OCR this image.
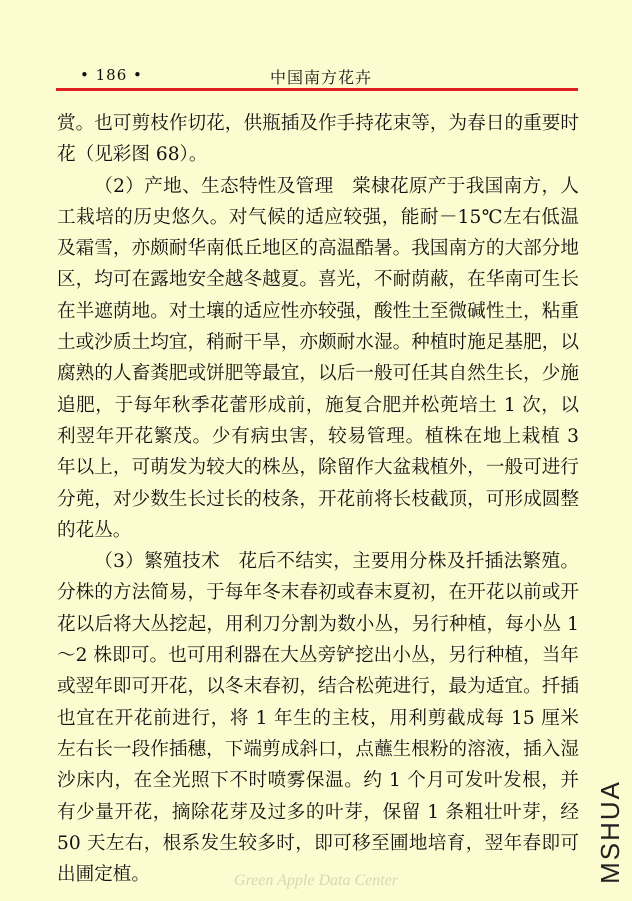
• 186 •	中国南方花卉

赏。也可剪枝作切花，供瓶插及作手持花束等，为春日的重要时花（见彩图 68）。

（2）产地、生态特性及管理 棠棣花原产于我国南方，人工栽培的历史悠久。对气候的适应较强，能耐－15℃左右低温及霜雪，亦颇耐华南低丘地区的高温酷暑。我国南方的大部分地区，均可在露地安全越冬越夏。喜光，不耐荫蔽，在华南可生长在半遮荫地。对土壤的适应性亦较强，酸性土至微碱性土，粘重土或沙质土均宜，稍耐干旱，亦颇耐水湿。种植时施足基肥，以腐熟的人畜粪肥或饼肥等最宜，以后一般可任其自然生长，少施追肥，于每年秋季花蕾形成前，施复合肥并松蔸培土 1 次，以利翌年开花繁茂。少有病虫害，较易管理。植株在地上栽植 3 年以上，可萌发为较大的株丛，除留作大盆栽植外，一般可进行分蔸，对少数生长过长的枝条，开花前将长枝截顶，可形成圆整的花丛。

（3）繁殖技术 花后不结实，主要用分株及扦插法繁殖。分株的方法简易，于每年冬末春初或春末夏初，在开花以前或开花以后将大丛挖起，用利刀分割为数小丛，另行种植，每小丛 1～2 株即可。也可用利器在大丛旁铲挖出小丛，另行种植，当年或翌年即可开花，以冬末春初，结合松蔸进行，最为适宜。扦插也宜在开花前进行，将 1 年生的主枝，用利剪截成每 15 厘米左右长一段作插穗，下端剪成斜口，点蘸生根粉的溶液，插入湿沙床内，在全光照下不时喷雾保温。约 1 个月可发叶发根，并有少量开花，摘除花芽及过多的叶芽，保留 1 条粗壮叶芽，经 50 天左右，根系发生较多时，即可移至圃地培育，翌年春即可出圃定植。	MSHUA
Green Apple Data Center
